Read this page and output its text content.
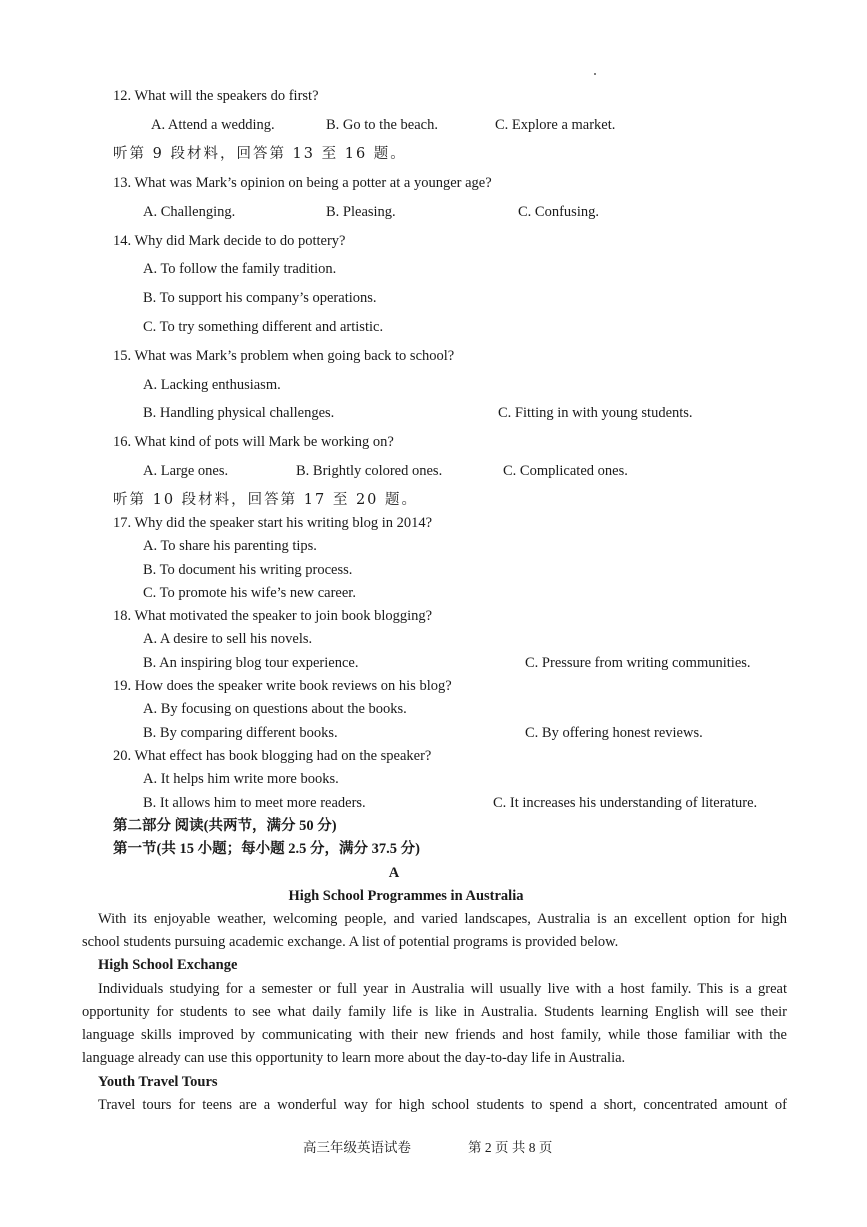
12. What will the speakers do first?
A. Attend a wedding.	B. Go to the beach.	C. Explore a market.
听第 9 段材料，回答第 13 至 16 题。
13. What was Mark’s opinion on being a potter at a younger age?
A. Challenging.	B. Pleasing.	C. Confusing.
14. Why did Mark decide to do pottery?
A. To follow the family tradition.
B. To support his company’s operations.
C. To try something different and artistic.
15. What was Mark’s problem when going back to school?
A. Lacking enthusiasm.
B. Handling physical challenges.	C. Fitting in with young students.
16. What kind of pots will Mark be working on?
A. Large ones.	B. Brightly colored ones.	C. Complicated ones.
听第 10 段材料，回答第 17 至 20 题。
17. Why did the speaker start his writing blog in 2014?
A. To share his parenting tips.
B. To document his writing process.
C. To promote his wife’s new career.
18. What motivated the speaker to join book blogging?
A. A desire to sell his novels.
B. An inspiring blog tour experience.	C. Pressure from writing communities.
19. How does the speaker write book reviews on his blog?
A. By focusing on questions about the books.
B. By comparing different books.	C. By offering honest reviews.
20. What effect has book blogging had on the speaker?
A. It helps him write more books.
B. It allows him to meet more readers.	C. It increases his understanding of literature.
第二部分 阅读(共两节，满分 50 分)
第一节(共 15 小题；每小题 2.5 分，满分 37.5 分)
A
High School Programmes in Australia
With its enjoyable weather, welcoming people, and varied landscapes, Australia is an excellent option for high
school students pursuing academic exchange. A list of potential programs is provided below.
High School Exchange
Individuals studying for a semester or full year in Australia will usually live with a host family. This is a great
opportunity for students to see what daily family life is like in Australia. Students learning English will see their
language skills improved by communicating with their new friends and host family, while those familiar with the
language already can use this opportunity to learn more about the day-to-day life in Australia.
Youth Travel Tours
Travel tours for teens are a wonderful way for high school students to spend a short, concentrated amount of
高三年级英语试卷	第 2 页 共 8 页
